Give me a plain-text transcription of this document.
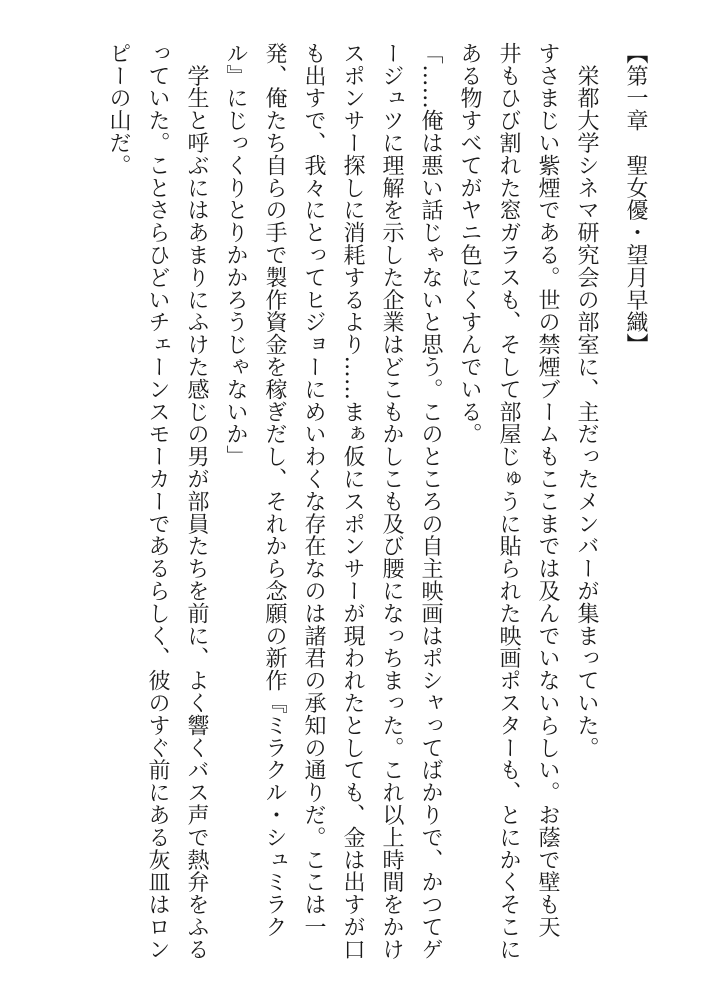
【第一章　聖女優・望月早織】
　栄都大学シネマ研究会の部室に、主だったメンバーが集まっていた。
すさまじい紫煙である。世の禁煙ブームもここまでは及んでいないらしい。お蔭で壁も天
井もひび割れた窓ガラスも、そして部屋じゅうに貼られた映画ポスターも、とにかくそこに
ある物すべてがヤニ色にくすんでいる。
「……俺は悪い話じゃないと思う。このところの自主映画はポシャってばかりで、かつてゲ
ージュツに理解を示した企業はどこもかしこも及び腰になっちまった。これ以上時間をかけ
スポンサー探しに消耗するより……まぁ仮にスポンサーが現われたとしても、金は出すが口
も出すで、我々にとってヒジョーにめいわくな存在なのは諸君の承知の通りだ。ここは一
発、俺たち自らの手で製作資金を稼ぎだし、それから念願の新作『ミラクル・シュミラク
ル』にじっくりとりかかろうじゃないか」
　学生と呼ぶにはあまりにふけた感じの男が部員たちを前に、よく響くバス声で熱弁をふる
っていた。ことさらひどいチェーンスモーカーであるらしく、彼のすぐ前にある灰皿はロン
ピーの山だ。
